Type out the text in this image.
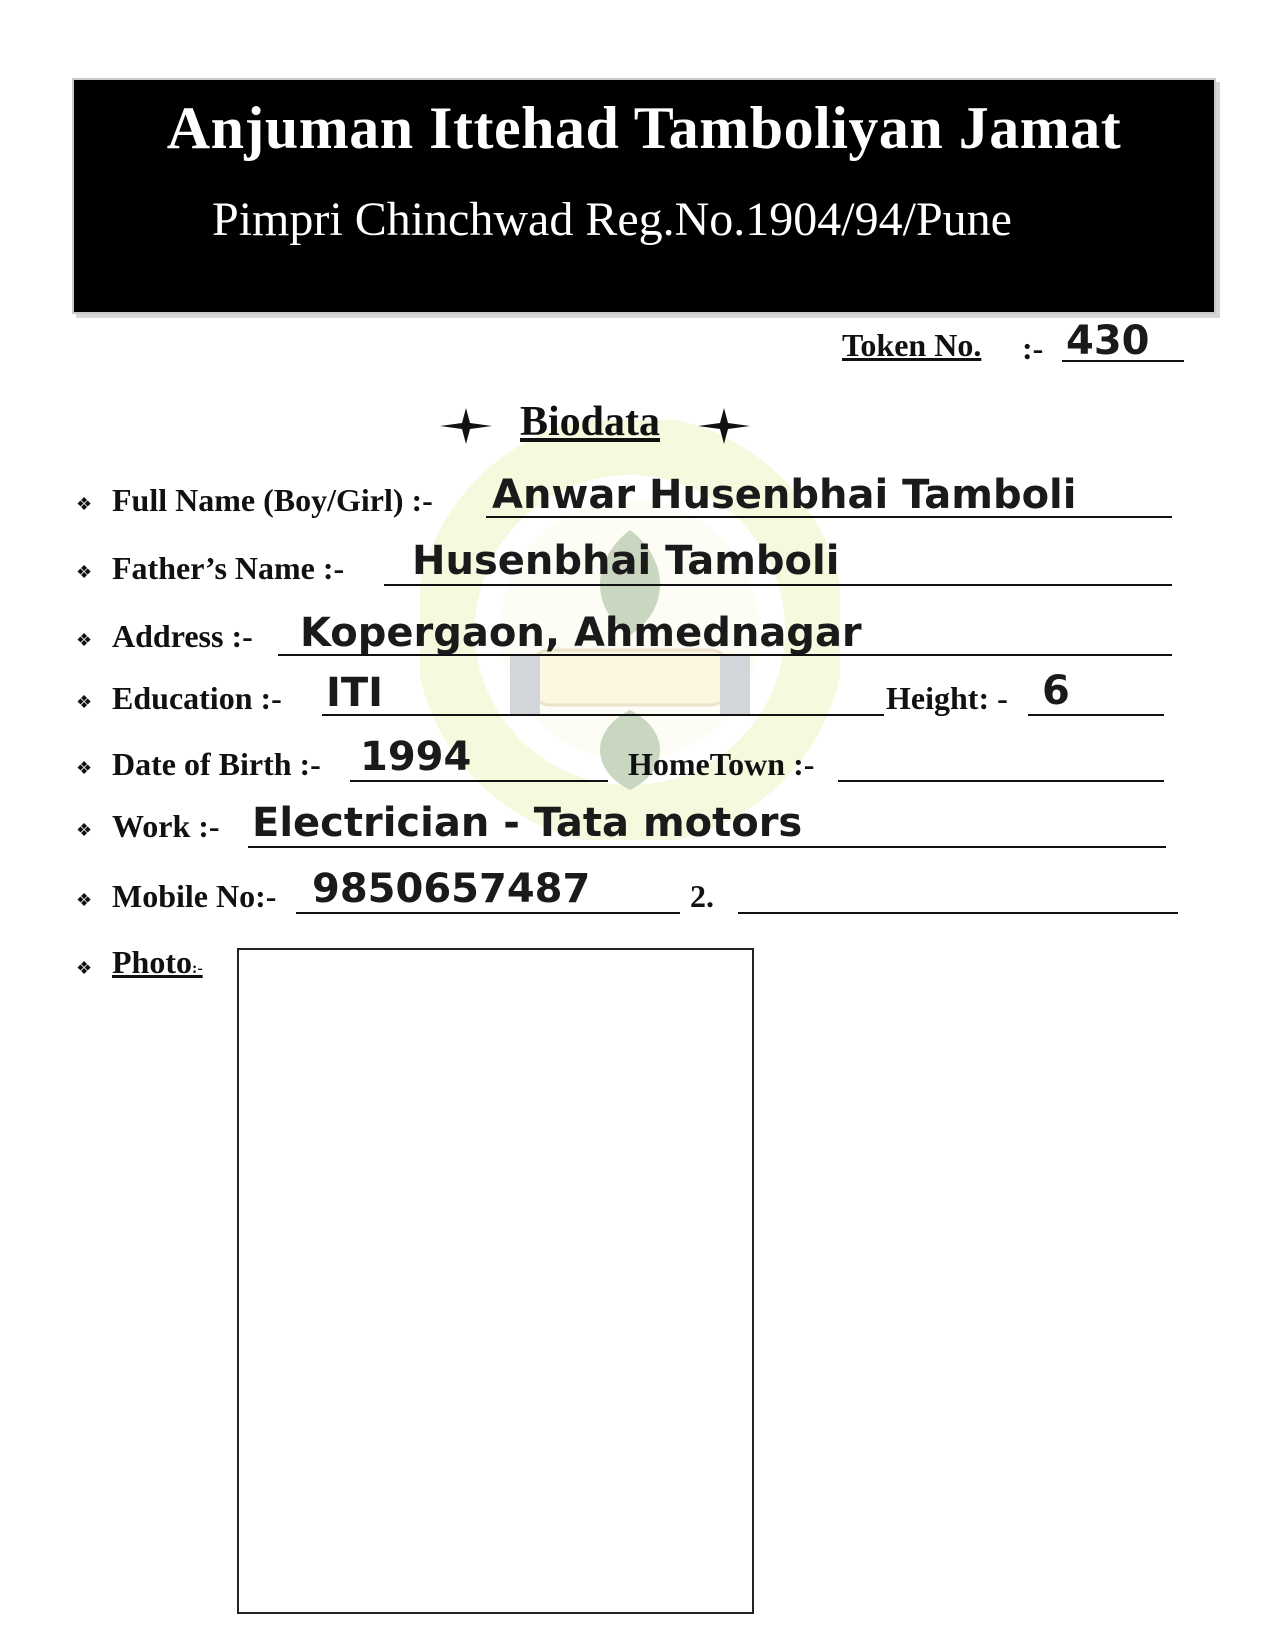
Anjuman Ittehad Tamboliyan Jamat
Pimpri Chinchwad Reg.No.1904/94/Pune
Token No. :- 430
Biodata
❖ Full Name (Boy/Girl) :- Anwar Husenbhai Tamboli
❖ Father’s Name :- Husenbhai Tamboli
❖ Address :- Kopergaon, Ahmednagar
❖ Education :- ITI	Height: - 6
❖ Date of Birth :- 1994	HomeTown :-
❖ Work :- Electrician - Tata motors
❖ Mobile No:- 9850657487	2.
❖ Photo:-
